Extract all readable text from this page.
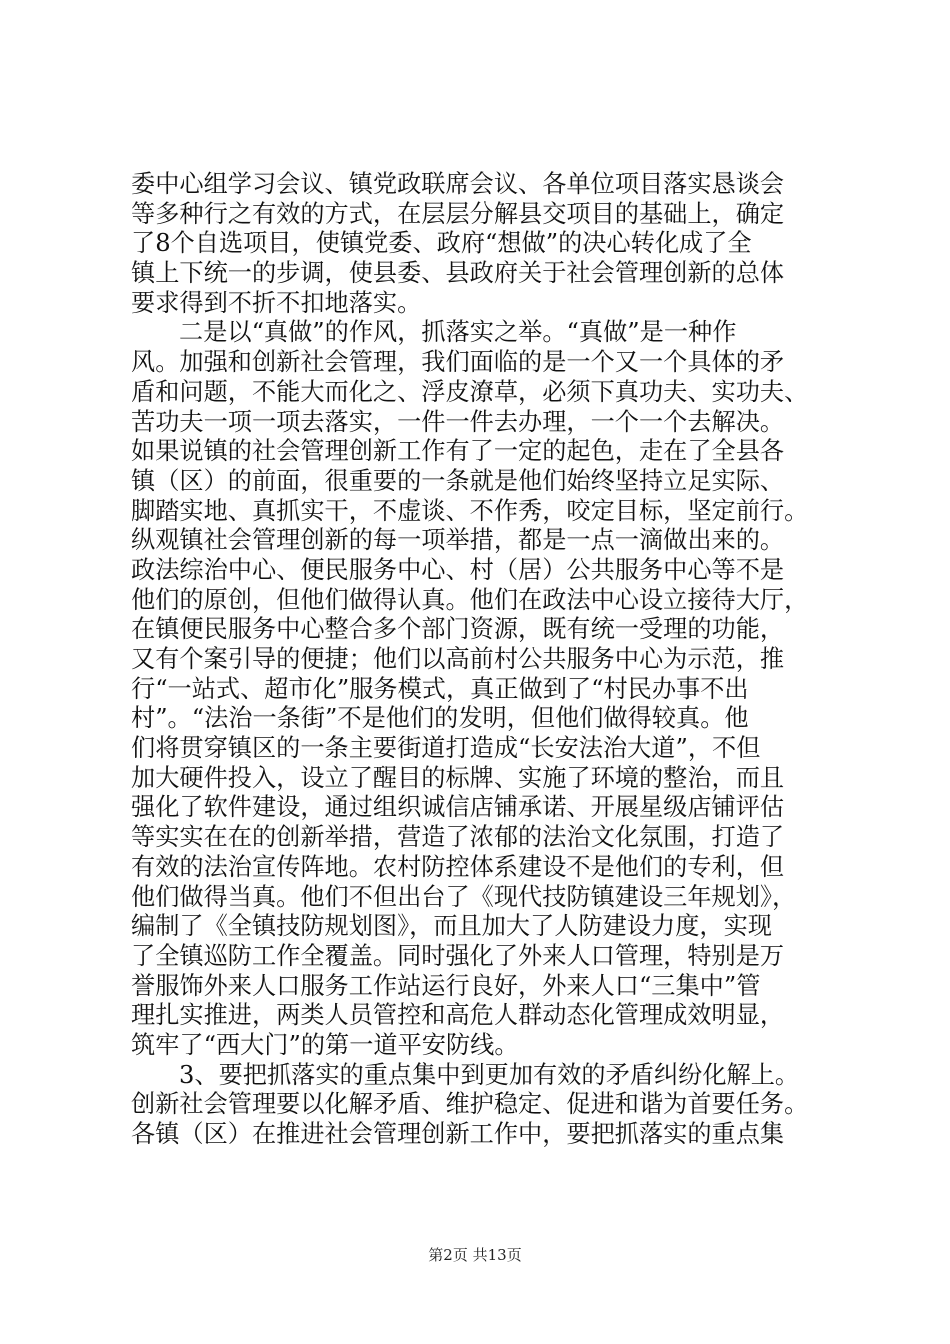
委中心组学习会议、镇党政联席会议、各单位项目落实恳谈会
等多种行之有效的方式，在层层分解县交项目的基础上，确定
了8个自选项目，使镇党委、政府“想做”的决心转化成了全
镇上下统一的步调，使县委、县政府关于社会管理创新的总体
要求得到不折不扣地落实。
二是以“真做”的作风，抓落实之举。“真做”是一种作
风。加强和创新社会管理，我们面临的是一个又一个具体的矛
盾和问题，不能大而化之、浮皮潦草，必须下真功夫、实功夫、
苦功夫一项一项去落实，一件一件去办理，一个一个去解决。
如果说镇的社会管理创新工作有了一定的起色，走在了全县各
镇（区）的前面，很重要的一条就是他们始终坚持立足实际、
脚踏实地、真抓实干，不虚谈、不作秀，咬定目标，坚定前行。
纵观镇社会管理创新的每一项举措，都是一点一滴做出来的。
政法综治中心、便民服务中心、村（居）公共服务中心等不是
他们的原创，但他们做得认真。他们在政法中心设立接待大厅，
在镇便民服务中心整合多个部门资源，既有统一受理的功能，
又有个案引导的便捷；他们以高前村公共服务中心为示范，推
行“一站式、超市化”服务模式，真正做到了“村民办事不出
村”。“法治一条街”不是他们的发明，但他们做得较真。他
们将贯穿镇区的一条主要街道打造成“长安法治大道”，不但
加大硬件投入，设立了醒目的标牌、实施了环境的整治，而且
强化了软件建设，通过组织诚信店铺承诺、开展星级店铺评估
等实实在在的创新举措，营造了浓郁的法治文化氛围，打造了
有效的法治宣传阵地。农村防控体系建设不是他们的专利，但
他们做得当真。他们不但出台了《现代技防镇建设三年规划》，
编制了《全镇技防规划图》，而且加大了人防建设力度，实现
了全镇巡防工作全覆盖。同时强化了外来人口管理，特别是万
誉服饰外来人口服务工作站运行良好，外来人口“三集中”管
理扎实推进，两类人员管控和高危人群动态化管理成效明显，
筑牢了“西大门”的第一道平安防线。
3、要把抓落实的重点集中到更加有效的矛盾纠纷化解上。
创新社会管理要以化解矛盾、维护稳定、促进和谐为首要任务。
各镇（区）在推进社会管理创新工作中，要把抓落实的重点集
第2页 共13页
